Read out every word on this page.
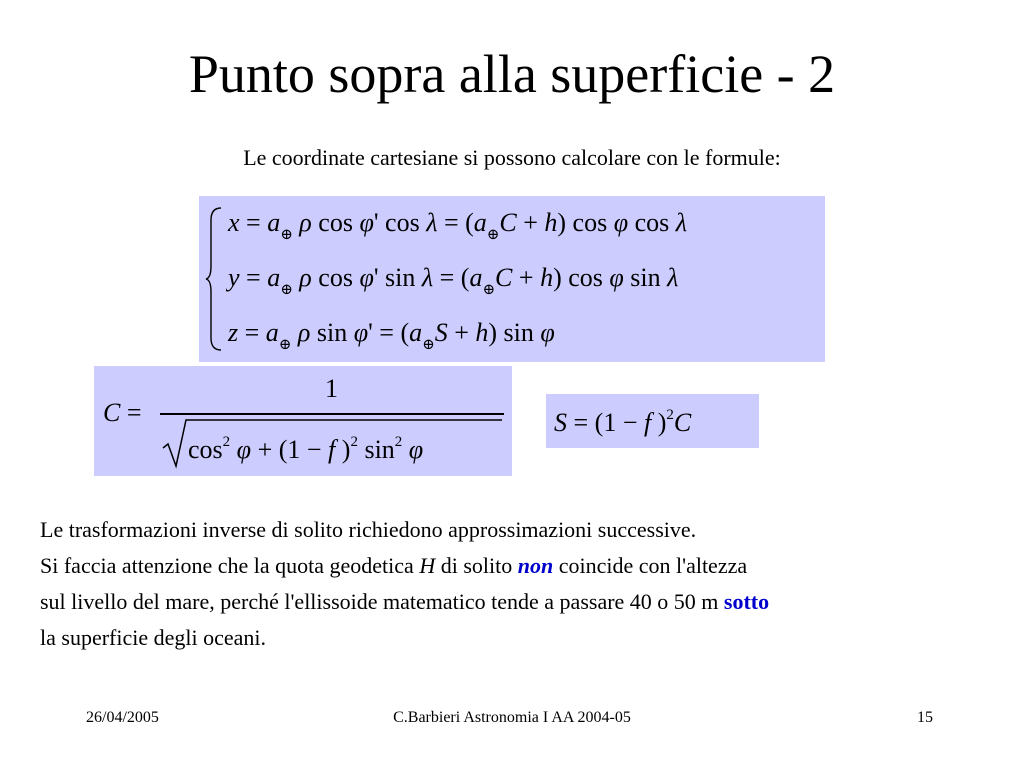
Punto sopra alla superficie - 2
Le coordinate cartesiane si possono calcolare con le formule:
$x = a_\oplus$ ρ cos φ' $\cos \lambda = (a_\oplus C + h)$ cos φ cos λ
$y = a_\oplus$ ρ cos φ' $\sin \lambda = (a_\oplus C + h)$ cos φ sin λ
$z = a_\oplus$ ρ $\sin \varphi' = (a_\oplus S + h)$ sin φ
C =
1
$\cos^2 \varphi + (1 - f$ )$^2$ $\sin^2 \varphi$
S = (1 − f )$^2$C
Le trasformazioni inverse di solito richiedono approssimazioni successive.
Si faccia attenzione che la quota geodetica H di solito non coincide con l'altezza
sul livello del mare, perché l'ellissoide matematico tende a passare 40 o 50 m sotto
la superficie degli oceani.
26/04/2005	C.Barbieri Astronomia I AA 2004-05	15
